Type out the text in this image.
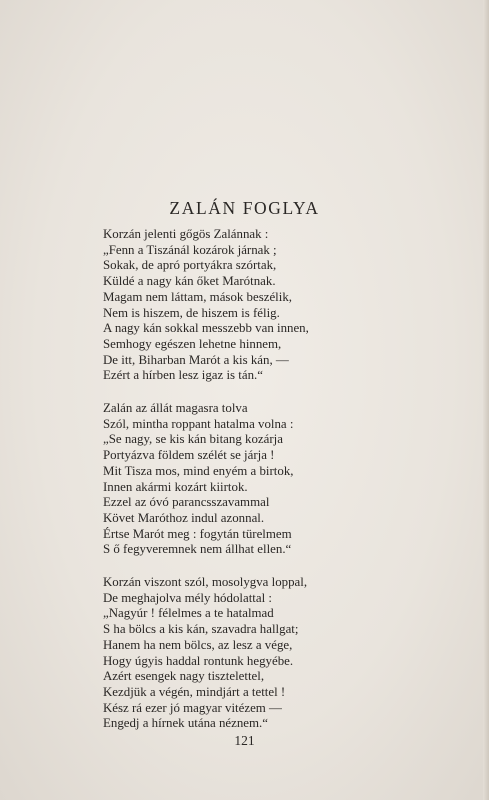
ZALÁN FOGLYA

Korzán jelenti gőgös Zalánnak :
„Fenn a Tiszánál kozárok járnak ;
Sokak, de apró portyákra szórtak,
Küldé a nagy kán őket Marótnak.
Magam nem láttam, mások beszélik,
Nem is hiszem, de hiszem is félig.
A nagy kán sokkal messzebb van innen,
Semhogy egészen lehetne hinnem,
De itt, Biharban Marót a kis kán, —
Ezért a hírben lesz igaz is tán.“

Zalán az állát magasra tolva
Szól, mintha roppant hatalma volna :
„Se nagy, se kis kán bitang kozárja
Portyázva földem szélét se járja !
Mit Tisza mos, mind enyém a birtok,
Innen akármi kozárt kiirtok.
Ezzel az óvó parancsszavammal
Követ Maróthoz indul azonnal.
Értse Marót meg : fogytán türelmem
S ő fegyveremnek nem állhat ellen.“

Korzán viszont szól, mosolygva loppal,
De meghajolva mély hódolattal :
„Nagyúr ! félelmes a te hatalmad
S ha bölcs a kis kán, szavadra hallgat;
Hanem ha nem bölcs, az lesz a vége,
Hogy úgyis haddal rontunk hegyébe.
Azért esengek nagy tisztelettel,
Kezdjük a végén, mindjárt a tettel !
Kész rá ezer jó magyar vitézem —
Engedj a hírnek utána néznem.“

121
